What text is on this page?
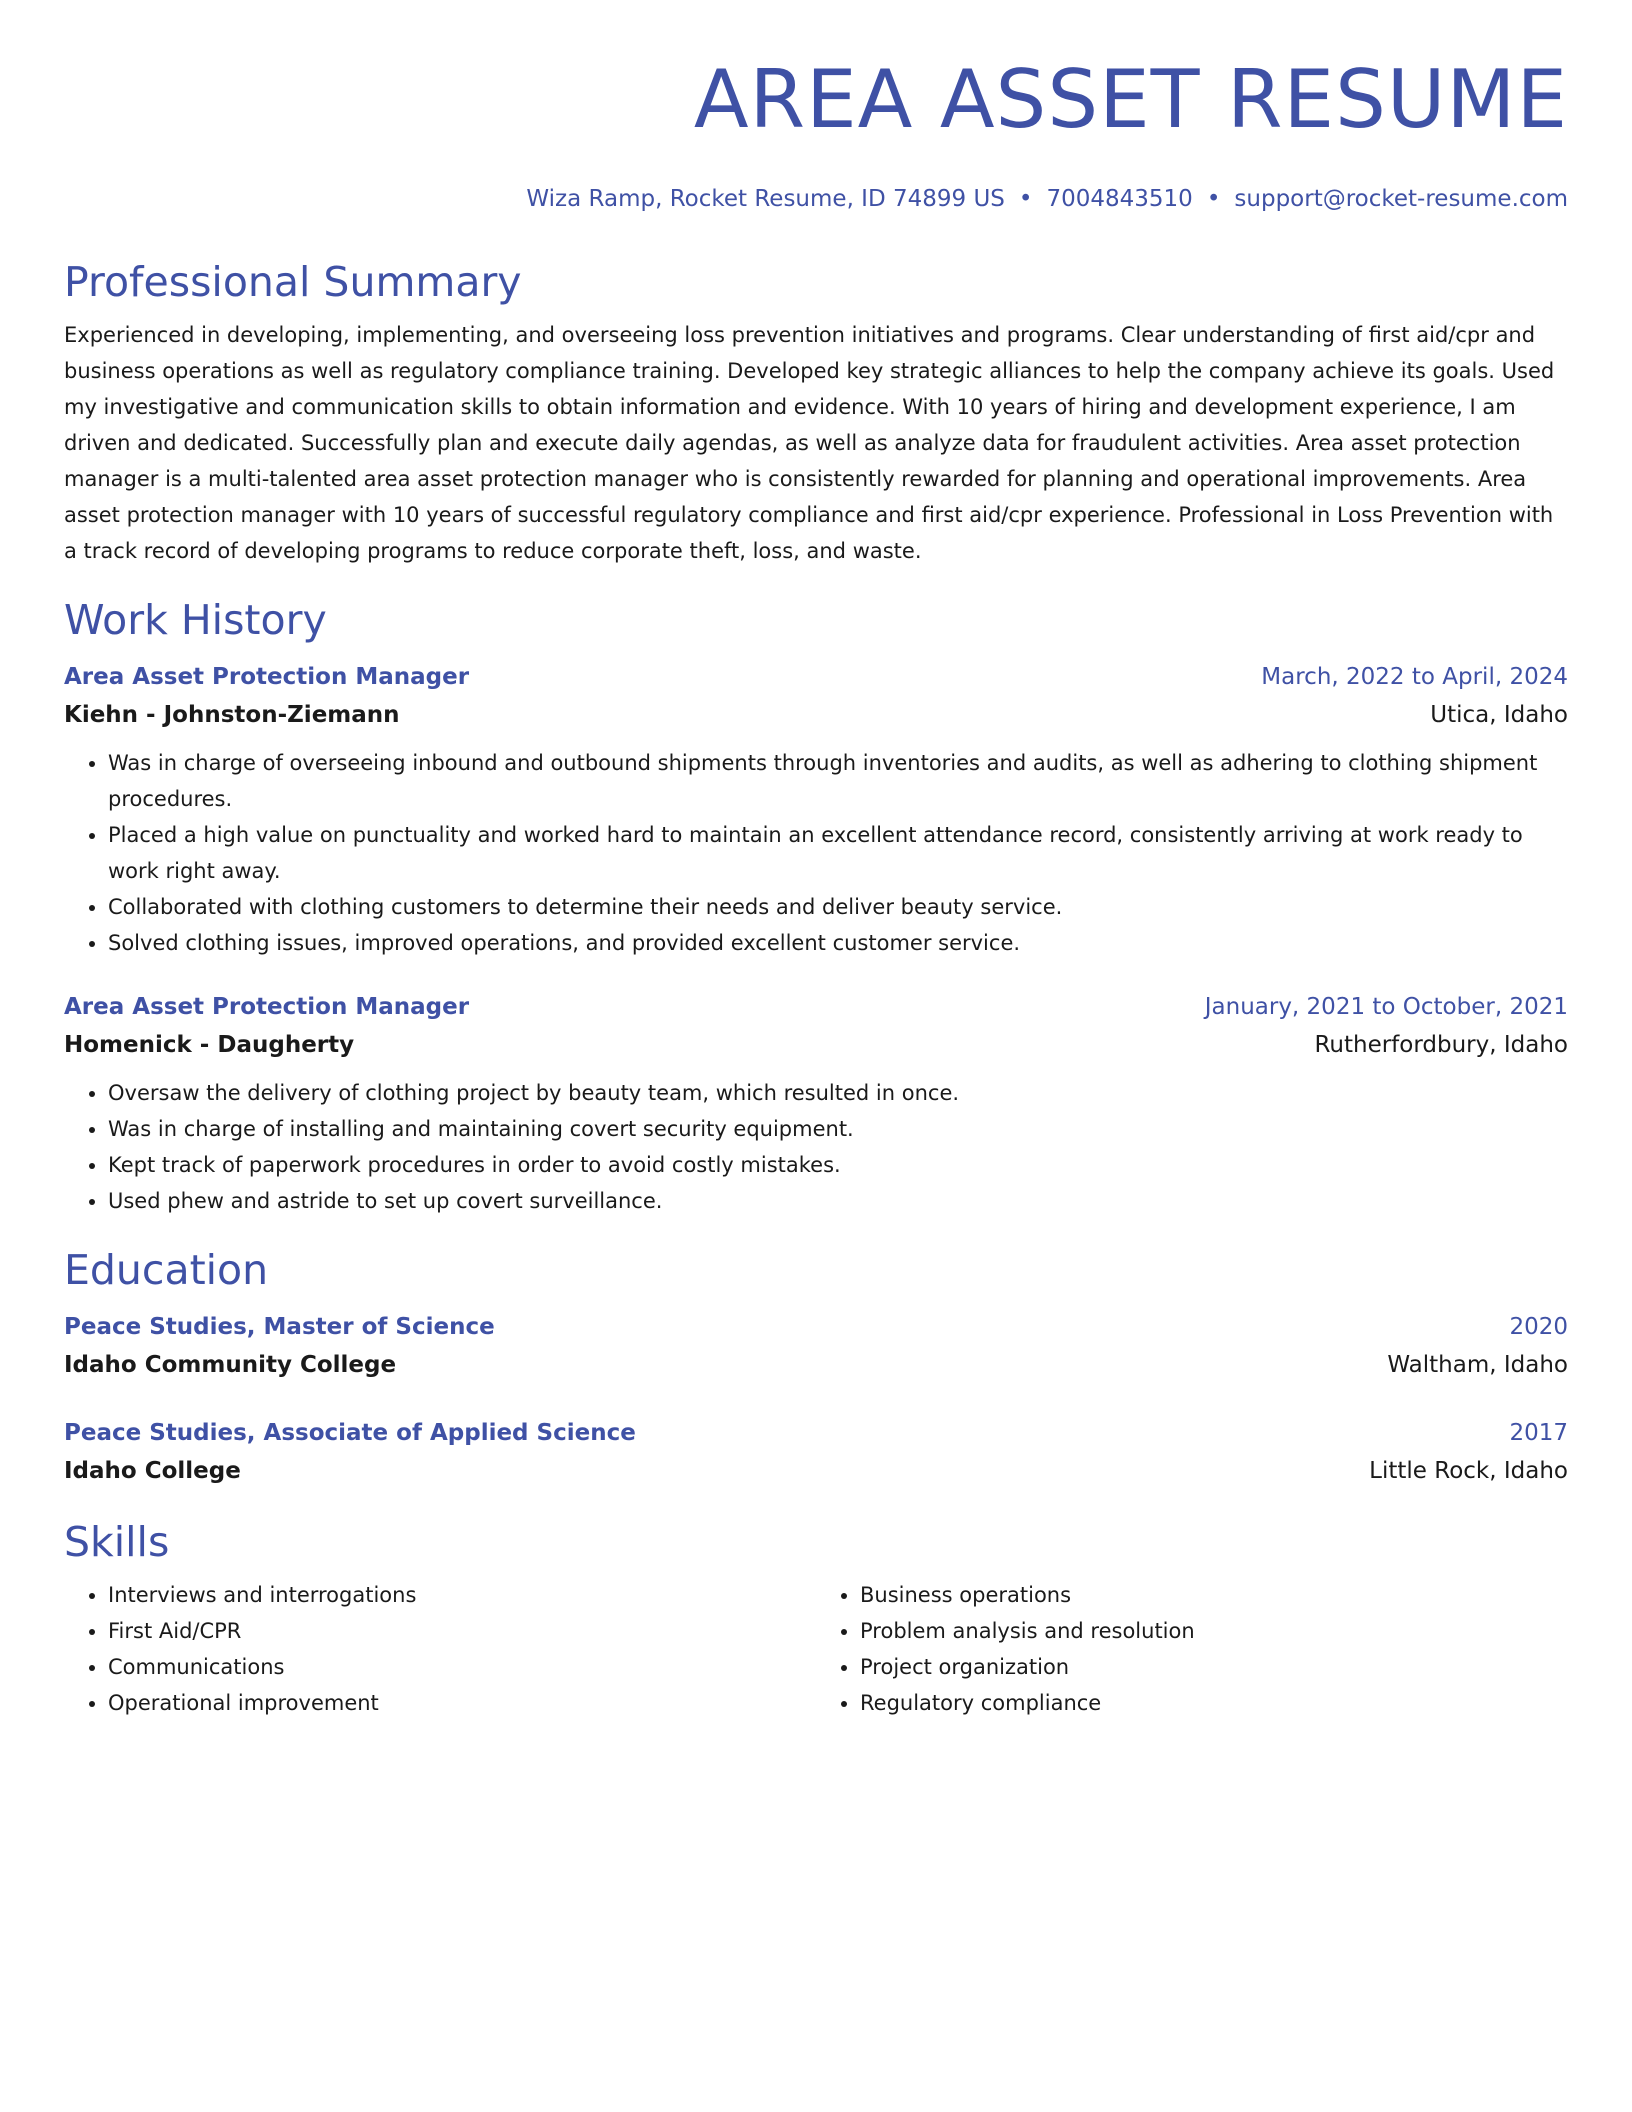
AREA ASSET RESUME
Wiza Ramp, Rocket Resume, ID 74899 US • 7004843510 • support@rocket-resume.com
Professional Summary

Experienced in developing, implementing, and overseeing loss prevention initiatives and programs. Clear understanding of first aid/cpr and business operations as well as regulatory compliance training. Developed key strategic alliances to help the company achieve its goals. Used my investigative and communication skills to obtain information and evidence. With 10 years of hiring and development experience, I am driven and dedicated. Successfully plan and execute daily agendas, as well as analyze data for fraudulent activities. Area asset protection manager is a multi-talented area asset protection manager who is consistently rewarded for planning and operational improvements. Area asset protection manager with 10 years of successful regulatory compliance and first aid/cpr experience. Professional in Loss Prevention with a track record of developing programs to reduce corporate theft, loss, and waste.

Work History
Area Asset Protection Manager	March, 2022 to April, 2024
Kiehn - Johnston-Ziemann	Utica, Idaho
• Was in charge of overseeing inbound and outbound shipments through inventories and audits, as well as adhering to clothing shipment procedures.
• Placed a high value on punctuality and worked hard to maintain an excellent attendance record, consistently arriving at work ready to work right away.
• Collaborated with clothing customers to determine their needs and deliver beauty service.
• Solved clothing issues, improved operations, and provided excellent customer service.
Area Asset Protection Manager	January, 2021 to October, 2021
Homenick - Daugherty	Rutherfordbury, Idaho
• Oversaw the delivery of clothing project by beauty team, which resulted in once.
• Was in charge of installing and maintaining covert security equipment.
• Kept track of paperwork procedures in order to avoid costly mistakes.
• Used phew and astride to set up covert surveillance.
Education
Peace Studies, Master of Science	2020
Idaho Community College	Waltham, Idaho
Peace Studies, Associate of Applied Science	2017
Idaho College	Little Rock, Idaho
Skills
• Interviews and interrogations
• First Aid/CPR
• Communications
• Operational improvement
• Business operations
• Problem analysis and resolution
• Project organization
• Regulatory compliance
